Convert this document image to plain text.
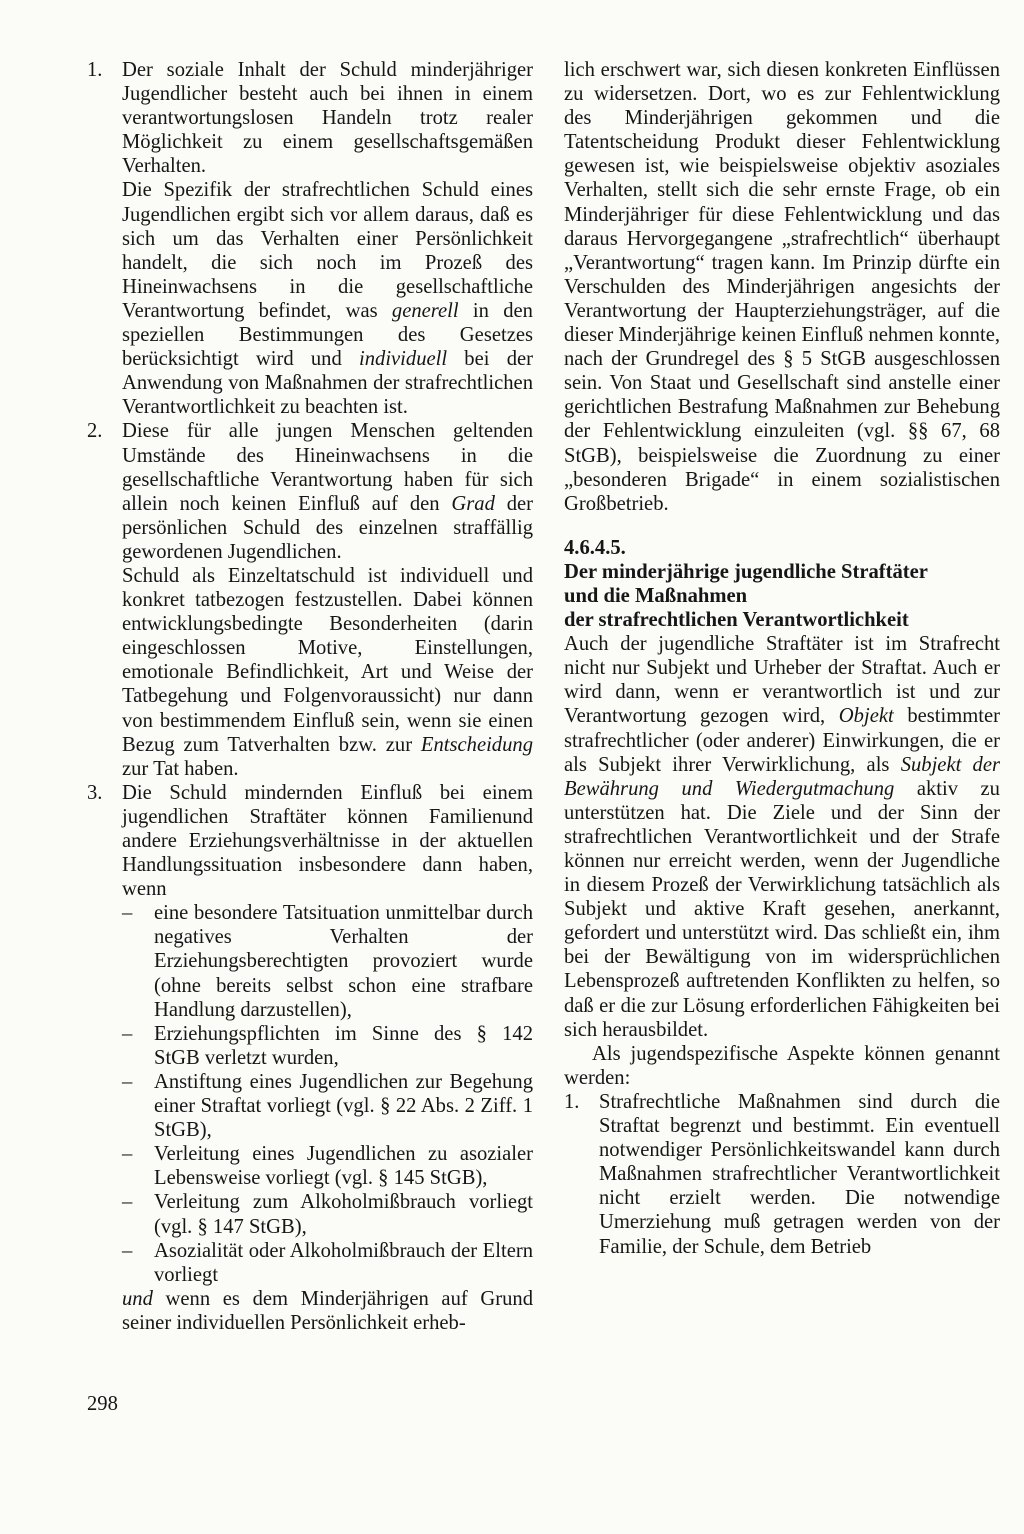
1. Der soziale Inhalt der Schuld minderjähriger Jugendlicher besteht auch bei ihnen in einem verantwortungslosen Handeln trotz realer Möglichkeit zu einem gesellschaftsgemäßen Verhalten.

Die Spezifik der strafrechtlichen Schuld eines Jugendlichen ergibt sich vor allem daraus, daß es sich um das Verhalten einer Persönlichkeit handelt, die sich noch im Prozeß des Hineinwachsens in die gesellschaftliche Verantwortung befindet, was generell in den speziellen Bestimmungen des Gesetzes berücksichtigt wird und individuell bei der Anwendung von Maßnahmen der strafrechtlichen Verantwortlichkeit zu beachten ist.

2. Diese für alle jungen Menschen geltenden Umstände des Hineinwachsens in die gesellschaftliche Verantwortung haben für sich allein noch keinen Einfluß auf den Grad der persönlichen Schuld des einzelnen straffällig gewordenen Jugendlichen.

Schuld als Einzeltatschuld ist individuell und konkret tatbezogen festzustellen. Dabei können entwicklungsbedingte Besonderheiten (darin eingeschlossen Motive, Einstellungen, emotionale Befindlichkeit, Art und Weise der Tatbegehung und Folgenvoraussicht) nur dann von bestimmendem Einfluß sein, wenn sie einen Bezug zum Tatverhalten bzw. zur Entscheidung zur Tat haben.

3. Die Schuld mindernden Einfluß bei einem jugendlichen Straftäter können Familienund andere Erziehungsverhältnisse in der aktuellen Handlungssituation insbesondere dann haben, wenn

– eine besondere Tatsituation unmittelbar durch negatives Verhalten der Erziehungsberechtigten provoziert wurde (ohne bereits selbst schon eine strafbare Handlung darzustellen),
– Erziehungspflichten im Sinne des § 142 StGB verletzt wurden,
– Anstiftung eines Jugendlichen zur Begehung einer Straftat vorliegt (vgl. § 22 Abs. 2 Ziff. 1 StGB),
– Verleitung eines Jugendlichen zu asozialer Lebensweise vorliegt (vgl. § 145 StGB),
– Verleitung zum Alkoholmißbrauch vorliegt (vgl. § 147 StGB),
– Asozialität oder Alkoholmißbrauch der Eltern vorliegt

und wenn es dem Minderjährigen auf Grund seiner individuellen Persönlichkeit erheb-

lich erschwert war, sich diesen konkreten Einflüssen zu widersetzen. Dort, wo es zur Fehlentwicklung des Minderjährigen gekommen und die Tatentscheidung Produkt dieser Fehlentwicklung gewesen ist, wie beispielsweise objektiv asoziales Verhalten, stellt sich die sehr ernste Frage, ob ein Minderjähriger für diese Fehlentwicklung und das daraus Hervorgegangene „strafrechtlich“ überhaupt „Verantwortung“ tragen kann. Im Prinzip dürfte ein Verschulden des Minderjährigen angesichts der Verantwortung der Haupterziehungsträger, auf die dieser Minderjährige keinen Einfluß nehmen konnte, nach der Grundregel des § 5 StGB ausgeschlossen sein. Von Staat und Gesellschaft sind anstelle einer gerichtlichen Bestrafung Maßnahmen zur Behebung der Fehlentwicklung einzuleiten (vgl. §§ 67, 68 StGB), beispielsweise die Zuordnung zu einer „besonderen Brigade“ in einem sozialistischen Großbetrieb.

4.6.4.5.

Der minderjährige jugendliche Straftäter
und die Maßnahmen
der strafrechtlichen Verantwortlichkeit

Auch der jugendliche Straftäter ist im Strafrecht nicht nur Subjekt und Urheber der Straftat. Auch er wird dann, wenn er verantwortlich ist und zur Verantwortung gezogen wird, Objekt bestimmter strafrechtlicher (oder anderer) Einwirkungen, die er als Subjekt ihrer Verwirklichung, als Subjekt der Bewährung und Wiedergutmachung aktiv zu unterstützen hat. Die Ziele und der Sinn der strafrechtlichen Verantwortlichkeit und der Strafe können nur erreicht werden, wenn der Jugendliche in diesem Prozeß der Verwirklichung tatsächlich als Subjekt und aktive Kraft gesehen, anerkannt, gefordert und unterstützt wird. Das schließt ein, ihm bei der Bewältigung von im widersprüchlichen Lebensprozeß auftretenden Konflikten zu helfen, so daß er die zur Lösung erforderlichen Fähigkeiten bei sich herausbildet.

Als jugendspezifische Aspekte können genannt werden:

1. Strafrechtliche Maßnahmen sind durch die Straftat begrenzt und bestimmt. Ein eventuell notwendiger Persönlichkeitswandel kann durch Maßnahmen strafrechtlicher Verantwortlichkeit nicht erzielt werden. Die notwendige Umerziehung muß getragen werden von der Familie, der Schule, dem Betrieb

298
